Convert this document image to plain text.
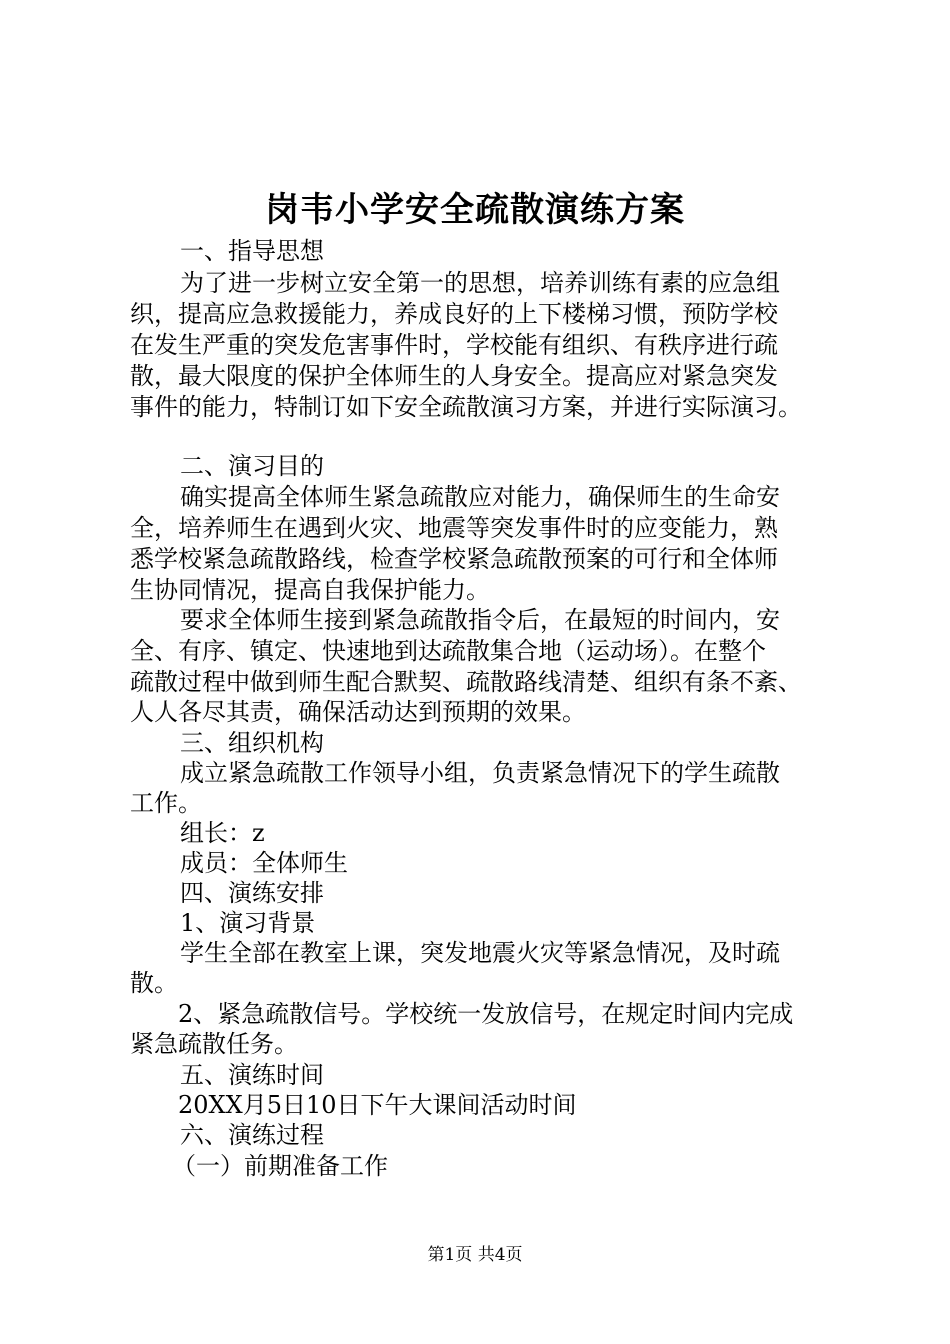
岗韦小学安全疏散演练方案
一、指导思想
为了进一步树立安全第一的思想，培养训练有素的应急组
织，提高应急救援能力，养成良好的上下楼梯习惯，预防学校
在发生严重的突发危害事件时，学校能有组织、有秩序进行疏
散，最大限度的保护全体师生的人身安全。提高应对紧急突发
事件的能力，特制订如下安全疏散演习方案，并进行实际演习。
二、演习目的
确实提高全体师生紧急疏散应对能力，确保师生的生命安
全，培养师生在遇到火灾、地震等突发事件时的应变能力，熟
悉学校紧急疏散路线，检查学校紧急疏散预案的可行和全体师
生协同情况，提高自我保护能力。
要求全体师生接到紧急疏散指令后，在最短的时间内，安
全、有序、镇定、快速地到达疏散集合地（运动场）。在整个
疏散过程中做到师生配合默契、疏散路线清楚、组织有条不紊、
人人各尽其责，确保活动达到预期的效果。
三、组织机构
成立紧急疏散工作领导小组，负责紧急情况下的学生疏散
工作。
组长：z
成员：全体师生
四、演练安排
1、演习背景
学生全部在教室上课，突发地震火灾等紧急情况，及时疏
散。
2、紧急疏散信号。学校统一发放信号，在规定时间内完成
紧急疏散任务。
五、演练时间
20XX月5日10日下午大课间活动时间
六、演练过程
（一）前期准备工作
第1页 共4页
